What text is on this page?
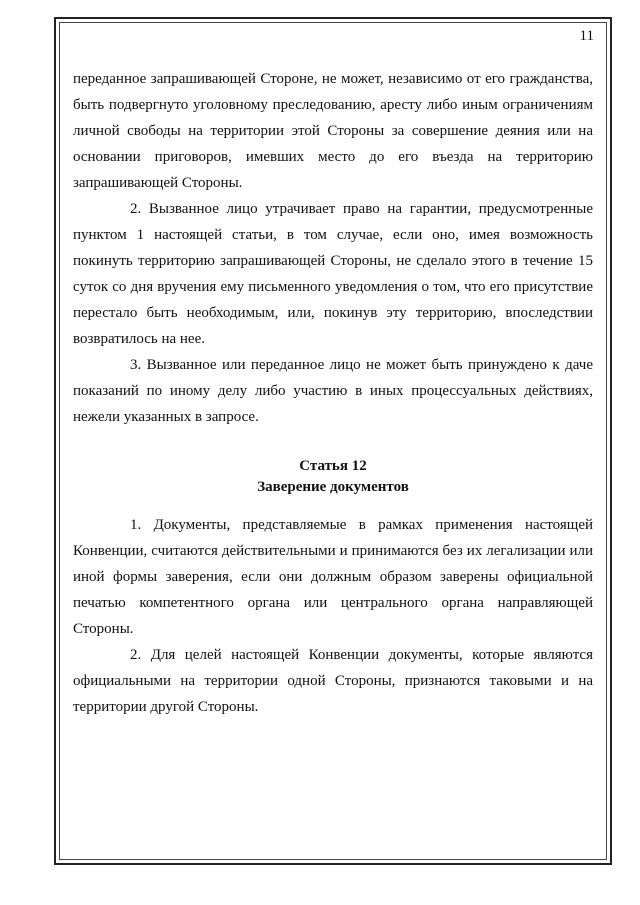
11

переданное запрашивающей Стороне, не может, независимо от его гражданства, быть подвергнуто уголовному преследованию, аресту либо иным ограничениям личной свободы на территории этой Стороны за совершение деяния или на основании приговоров, имевших место до его въезда на территорию запрашивающей Стороны.

2. Вызванное лицо утрачивает право на гарантии, предусмотренные пунктом 1 настоящей статьи, в том случае, если оно, имея возможность покинуть территорию запрашивающей Стороны, не сделало этого в течение 15 суток со дня вручения ему письменного уведомления о том, что его присутствие перестало быть необходимым, или, покинув эту территорию, впоследствии возвратилось на нее.

3. Вызванное или переданное лицо не может быть принуждено к даче показаний по иному делу либо участию в иных процессуальных действиях, нежели указанных в запросе.

Статья 12

Заверение документов

1. Документы, представляемые в рамках применения настоящей Конвенции, считаются действительными и принимаются без их легализации или иной формы заверения, если они должным образом заверены официальной печатью компетентного органа или центрального органа направляющей Стороны.

2. Для целей настоящей Конвенции документы, которые являются официальными на территории одной Стороны, признаются таковыми и на территории другой Стороны.
